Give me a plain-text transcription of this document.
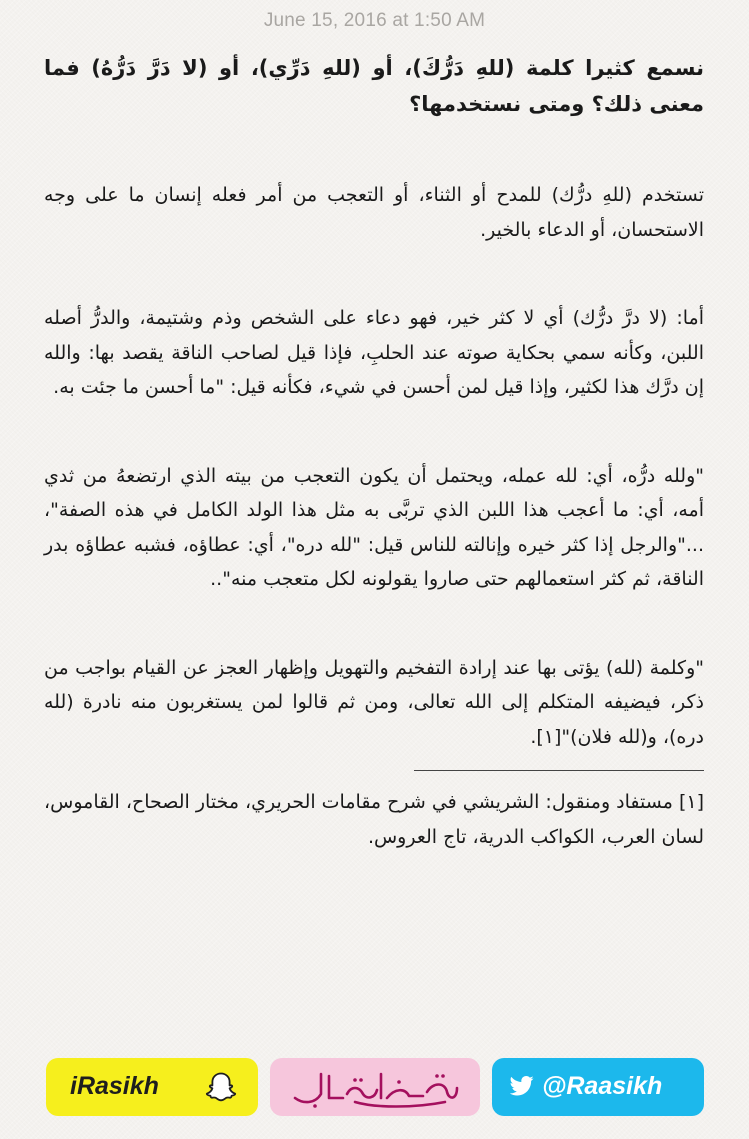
June 15, 2016 at 1:50 AM

نسمع كثيرا كلمة (للهِ دَرُّكَ)، أو (للهِ دَرِّي)، أو (لا دَرَّ دَرُّهُ) فما معنى ذلك؟ ومتى نستخدمها؟

تستخدم (للهِ درُّك) للمدح أو الثناء، أو التعجب من أمر فعله إنسان ما على وجه الاستحسان، أو الدعاء بالخير.

أما: (لا درَّ درُّك) أي لا كثر خير، فهو دعاء على الشخص وذم وشتيمة، والدرُّ أصله اللبن، وكأنه سمي بحكاية صوته عند الحلبِ، فإذا قيل لصاحب الناقة يقصد بها: والله إن درَّك هذا لكثير، وإذا قيل لمن أحسن في شيء، فكأنه قيل: "ما أحسن ما جئت به.

"ولله درُّه، أي: لله عمله، ويحتمل أن يكون التعجب من بيته الذي ارتضعهُ من ثدي أمه، أي: ما أعجب هذا اللبن الذي تربَّى به مثل هذا الولد الكامل في هذه الصفة"، ..."والرجل إذا كثر خيره وإنالته للناس قيل: "لله دره"، أي: عطاؤه، فشبه عطاؤه بدر الناقة، ثم كثر استعمالهم حتى صاروا يقولونه لكل متعجب منه"..

"وكلمة (لله) يؤتى بها عند إرادة التفخيم والتهويل وإظهار العجز عن القيام بواجب من ذكر، فيضيفه المتكلم إلى الله تعالى، ومن ثم قالوا لمن يستغربون منه نادرة (لله دره)، و(لله فلان)"[١].

[١] مستفاد ومنقول: الشريشي في شرح مقامات الحريري، مختار الصحاح، القاموس، لسان العرب، الكواكب الدرية، تاج العروس.

iRasikh	@Raasikh
